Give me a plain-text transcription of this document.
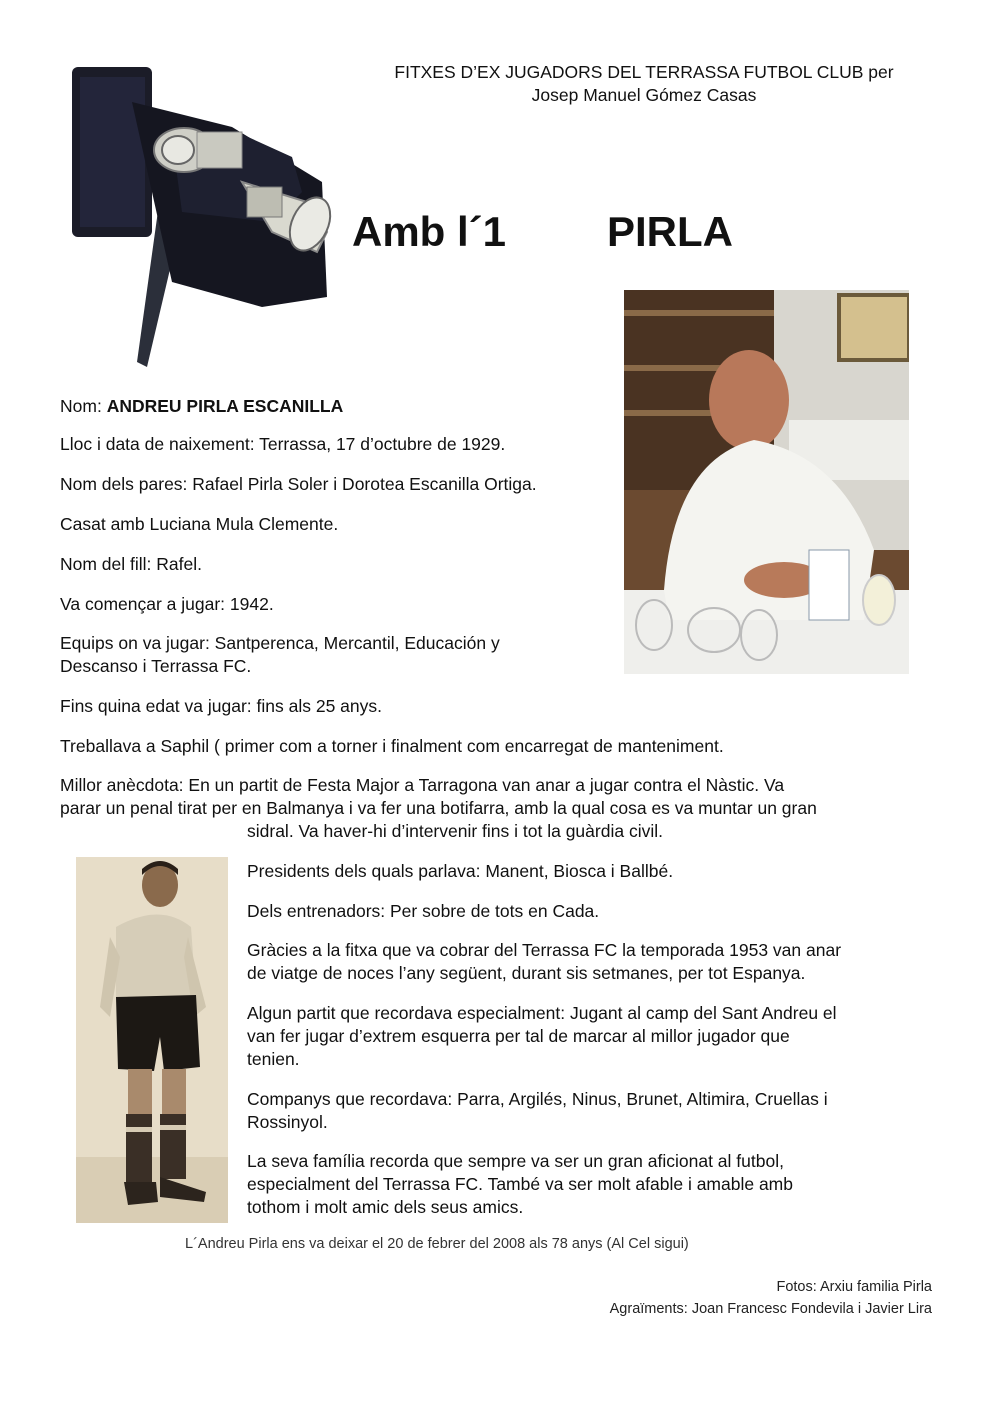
FITXES D’EX JUGADORS DEL TERRASSA FUTBOL CLUB per
Josep Manuel Gómez Casas
Amb l´1 PIRLA
Nom: ANDREU PIRLA ESCANILLA
Lloc i data de naixement: Terrassa, 17 d’octubre de 1929.
Nom dels pares: Rafael Pirla Soler i Dorotea Escanilla Ortiga.
Casat amb Luciana Mula Clemente.
Nom del fill: Rafel.
Va començar a jugar: 1942.
Equips on va jugar: Santperenca, Mercantil, Educación y
Descanso i Terrassa FC.
Fins quina edat va jugar: fins als 25 anys.
Treballava a Saphil ( primer com a torner i finalment com encarregat de manteniment.
Millor anècdota: En un partit de Festa Major a Tarragona van anar a jugar contra el Nàstic. Va
parar un penal tirat per en Balmanya i va fer una botifarra, amb la qual cosa es va muntar un gran
sidral. Va haver-hi d’intervenir fins i tot la guàrdia civil.
Presidents dels quals parlava: Manent, Biosca i Ballbé.
Dels entrenadors: Per sobre de tots en Cada.
Gràcies a la fitxa que va cobrar del Terrassa FC la temporada 1953 van anar
de viatge de noces l’any següent, durant sis setmanes, per tot Espanya.
Algun partit que recordava especialment: Jugant al camp del Sant Andreu el
van fer jugar d’extrem esquerra per tal de marcar al millor jugador que
tenien.
Companys que recordava: Parra, Argilés, Ninus, Brunet, Altimira, Cruellas i
Rossinyol.
La seva família recorda que sempre va ser un gran aficionat al futbol,
especialment del Terrassa FC. També va ser molt afable i amable amb
tothom i molt amic dels seus amics.
L´Andreu Pirla ens va deixar el 20 de febrer del 2008 als 78 anys (Al Cel sigui)
Fotos: Arxiu familia Pirla
Agraïments: Joan Francesc Fondevila i Javier Lira
